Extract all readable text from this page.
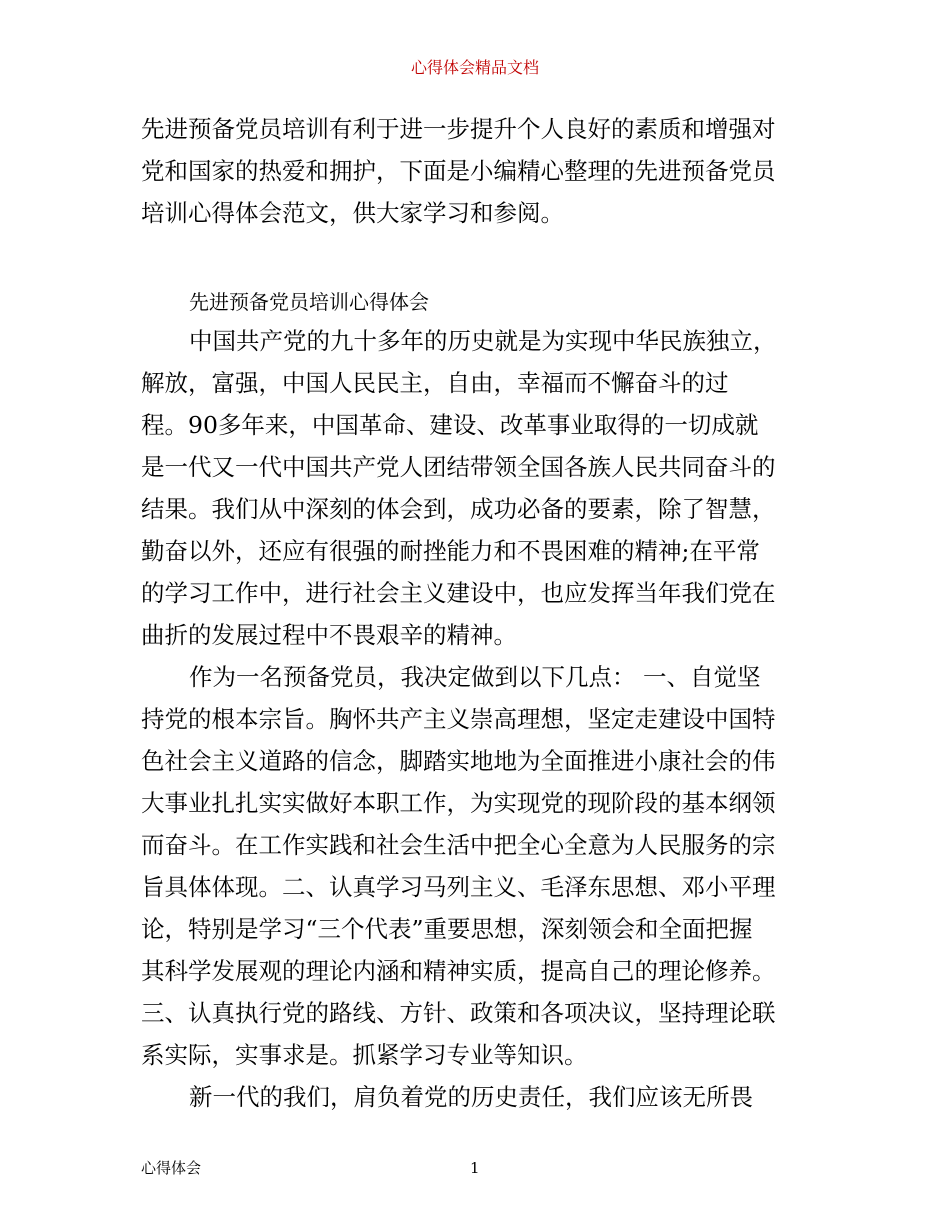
心得体会精品文档
先进预备党员培训有利于进一步提升个人良好的素质和增强对
党和国家的热爱和拥护，下面是小编精心整理的先进预备党员
培训心得体会范文，供大家学习和参阅。
先进预备党员培训心得体会
中国共产党的九十多年的历史就是为实现中华民族独立，
解放，富强，中国人民民主，自由，幸福而不懈奋斗的过
程。90多年来，中国革命、建设、改革事业取得的一切成就
是一代又一代中国共产党人团结带领全国各族人民共同奋斗的
结果。我们从中深刻的体会到，成功必备的要素，除了智慧，
勤奋以外，还应有很强的耐挫能力和不畏困难的精神;在平常
的学习工作中，进行社会主义建设中，也应发挥当年我们党在
曲折的发展过程中不畏艰辛的精神。
作为一名预备党员，我决定做到以下几点： 一、自觉坚
持党的根本宗旨。胸怀共产主义崇高理想，坚定走建设中国特
色社会主义道路的信念，脚踏实地地为全面推进小康社会的伟
大事业扎扎实实做好本职工作，为实现党的现阶段的基本纲领
而奋斗。在工作实践和社会生活中把全心全意为人民服务的宗
旨具体体现。二、认真学习马列主义、毛泽东思想、邓小平理
论，特别是学习“三个代表”重要思想，深刻领会和全面把握
其科学发展观的理论内涵和精神实质，提高自己的理论修养。
三、认真执行党的路线、方针、政策和各项决议，坚持理论联
系实际，实事求是。抓紧学习专业等知识。
新一代的我们，肩负着党的历史责任，我们应该无所畏
心得体会	1
